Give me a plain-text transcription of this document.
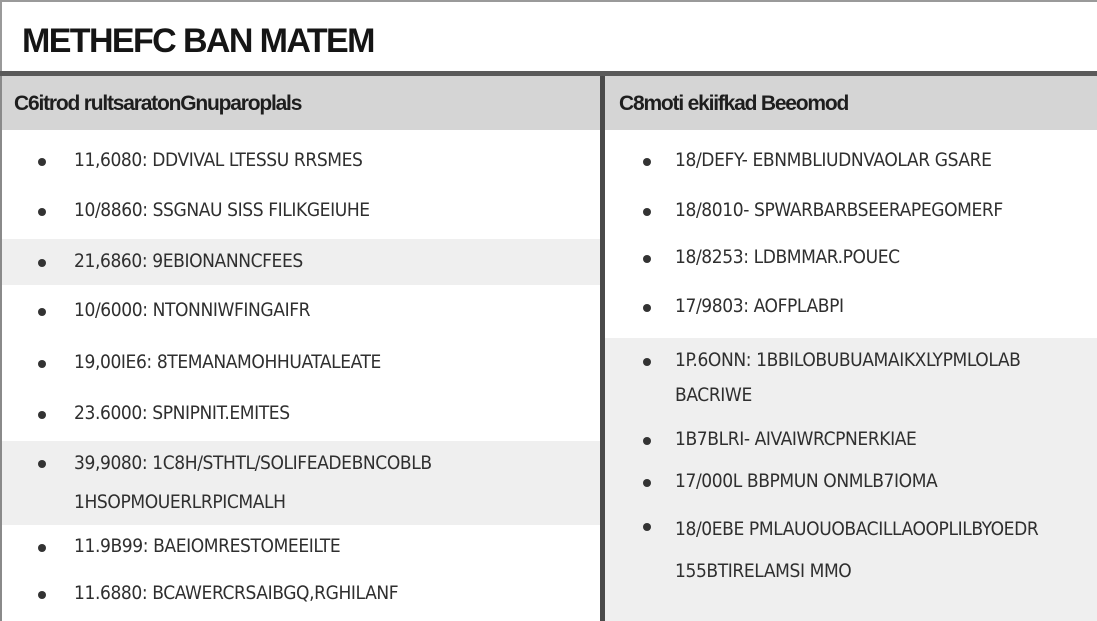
METHEFC BAN MATEM
C6itrod rultsaratonGnuparoplals
11,6080: DDVIVAL LTESSU RRSMES
10/8860: SSGNAU SISS FILIKGEIUHE
21,6860: 9EBIONANNCFEES
10/6000: NTONNIWFINGAIFR
19,00IE6: 8TEMANAMOHHUATALEATE
23.6000: SPNIPNIT.EMITES
39,9080: 1C8H/STHTL/SOLIFEADEBNCOBLB
1HSOPMOUERLRPICMALH
11.9B99: BAEIOMRESTOMEEILTE
11.6880: BCAWERCRSAIBGQ,RGHILANF
C8moti ekiifkad Beeomod
18/DEFY- EBNMBLIUDNVAOLAR GSARE
18/8010- SPWARBARBSEERAPEGOMERF
18/8253: LDBMMAR.POUEC
17/9803: AOFPLABPI
1P.6ONN: 1BBILOBUBUAMAIKXLYPMLOLAB
BACRIWE
1B7BLRI- AIVAIWRCPNERKIAE
17/000L BBPMUN ONMLB7IOMA
18/0EBE PMLAUOUOBACILLAOOPLILBYOEDR
155BTIRELAMSI MMO
